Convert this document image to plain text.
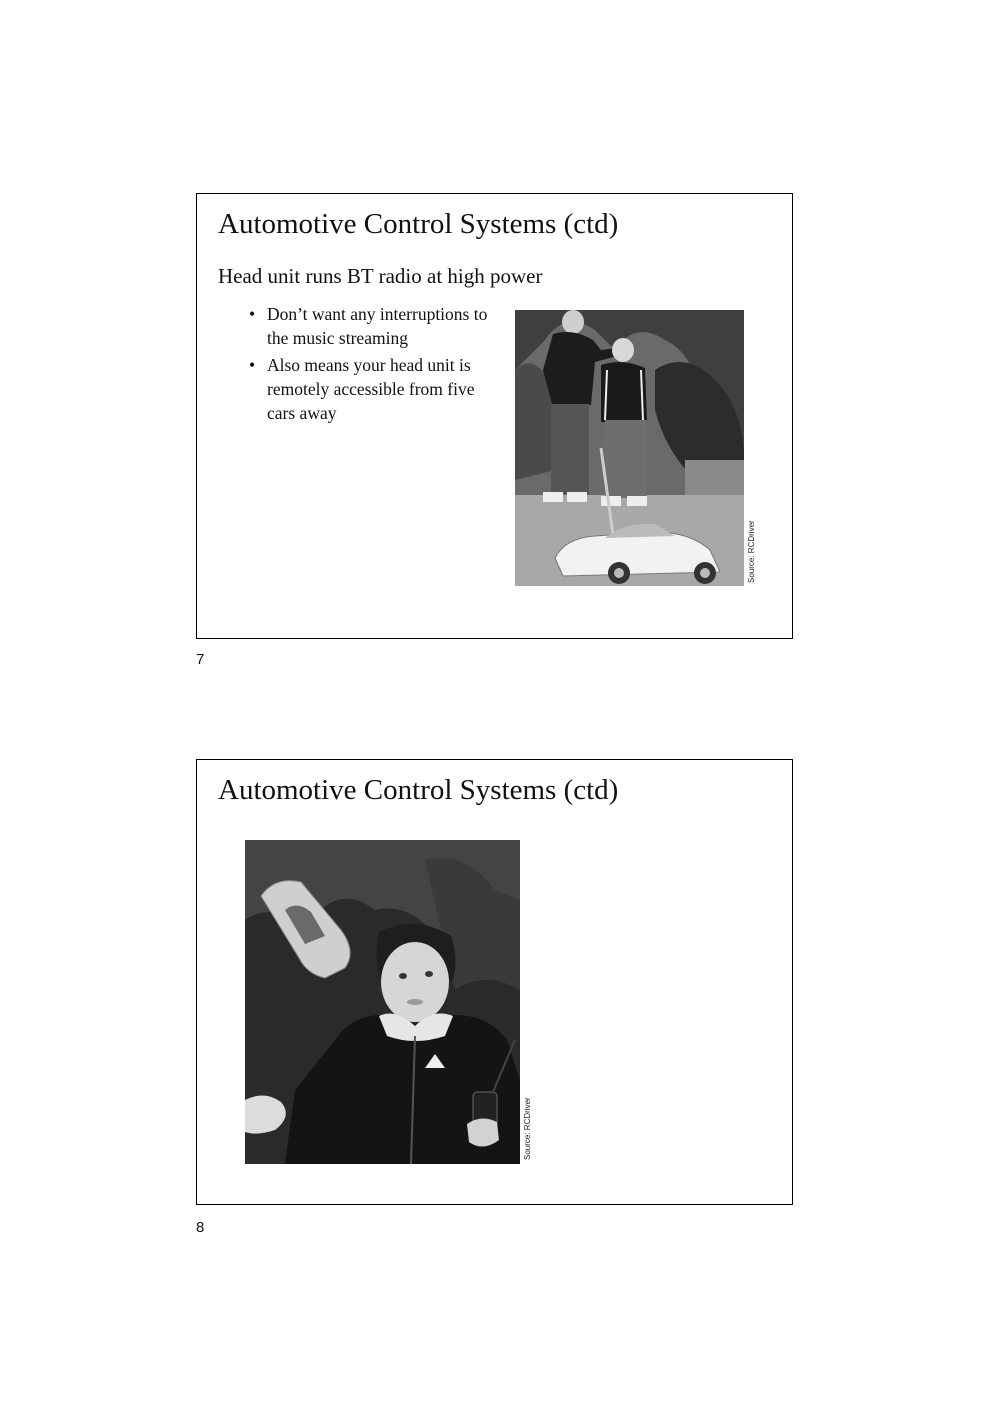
Automotive Control Systems (ctd)
Head unit runs BT radio at high power
• Don’t want any interruptions to the music streaming
• Also means your head unit is remotely accessible from five cars away
Source: RCDriver
7
Automotive Control Systems (ctd)
Source: RCDriver
8
